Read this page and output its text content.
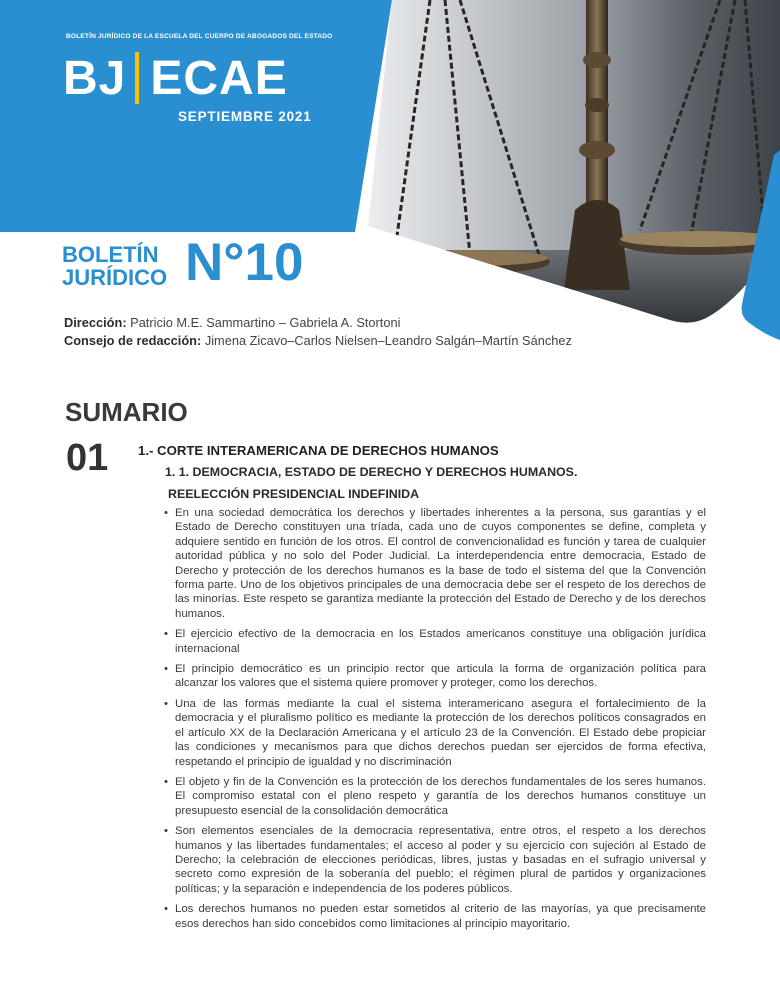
BOLETÍN JURÍDICO DE LA ESCUELA DEL CUERPO DE ABOGADOS DEL ESTADO
BJ ECAE
SEPTIEMBRE 2021
BOLETÍN
JURÍDICO N°10
Dirección: Patricio M.E. Sammartino – Gabriela A. Stortoni
Consejo de redacción: Jimena Zicavo–Carlos Nielsen–Leandro Salgán–Martín Sánchez
SUMARIO
01 1.- CORTE INTERAMERICANA DE DERECHOS HUMANOS
1. 1. DEMOCRACIA, ESTADO DE DERECHO Y DERECHOS HUMANOS.
REELECCIÓN PRESIDENCIAL INDEFINIDA
• En una sociedad democrática los derechos y libertades inherentes a la persona, sus garantías y el Estado de Derecho constituyen una tríada, cada uno de cuyos componentes se define, completa y adquiere sentido en función de los otros. El control de convencionalidad es función y tarea de cualquier autoridad pública y no solo del Poder Judicial. La interdependencia entre democracia, Estado de Derecho y protección de los derechos humanos es la base de todo el sistema del que la Convención forma parte. Uno de los objetivos principales de una democracia debe ser el respeto de los derechos de las minorías. Este respeto se garantiza mediante la protección del Estado de Derecho y de los derechos humanos.
• El ejercicio efectivo de la democracia en los Estados americanos constituye una obligación jurídica internacional
• El principio democrático es un principio rector que articula la forma de organización política para alcanzar los valores que el sistema quiere promover y proteger, como los derechos.
• Una de las formas mediante la cual el sistema interamericano asegura el fortalecimiento de la democracia y el pluralismo político es mediante la protección de los derechos políticos consagrados en el artículo XX de la Declaración Americana y el artículo 23 de la Convención. El Estado debe propiciar las condiciones y mecanismos para que dichos derechos puedan ser ejercidos de forma efectiva, respetando el principio de igualdad y no discriminación
• El objeto y fin de la Convención es la protección de los derechos fundamentales de los seres humanos. El compromiso estatal con el pleno respeto y garantía de los derechos humanos constituye un presupuesto esencial de la consolidación democrática
• Son elementos esenciales de la democracia representativa, entre otros, el respeto a los derechos humanos y las libertades fundamentales; el acceso al poder y su ejercicio con sujeción al Estado de Derecho; la celebración de elecciones periódicas, libres, justas y basadas en el sufragio universal y secreto como expresión de la soberanía del pueblo; el régimen plural de partidos y organizaciones políticas; y la separación e independencia de los poderes públicos.
• Los derechos humanos no pueden estar sometidos al criterio de las mayorías, ya que precisamente esos derechos han sido concebidos como limitaciones al principio mayoritario.
